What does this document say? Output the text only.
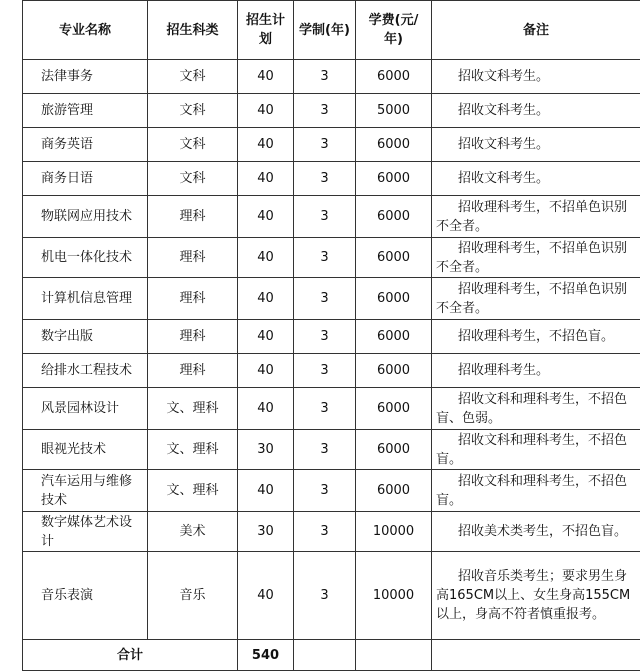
专业名称	招生科类	招生计划	学制(年)	学费(元/年)	备注
法律事务	文科	40	3	6000	招收文科考生。
旅游管理	文科	40	3	5000	招收文科考生。
商务英语	文科	40	3	6000	招收文科考生。
商务日语	文科	40	3	6000	招收文科考生。
物联网应用技术	理科	40	3	6000	招收理科考生，不招单色识别不全者。
机电一体化技术	理科	40	3	6000	招收理科考生，不招单色识别不全者。
计算机信息管理	理科	40	3	6000	招收理科考生，不招单色识别不全者。
数字出版	理科	40	3	6000	招收理科考生，不招色盲。
给排水工程技术	理科	40	3	6000	招收理科考生。
风景园林设计	文、理科	40	3	6000	招收文科和理科考生，不招色盲、色弱。
眼视光技术	文、理科	30	3	6000	招收文科和理科考生，不招色盲。
汽车运用与维修技术	文、理科	40	3	6000	招收文科和理科考生，不招色盲。
数字媒体艺术设计	美术	30	3	10000	招收美术类考生，不招色盲。
音乐表演	音乐	40	3	10000	招收音乐类考生；要求男生身高165CM以上、女生身高155CM以上，身高不符者慎重报考。
合计		540			
